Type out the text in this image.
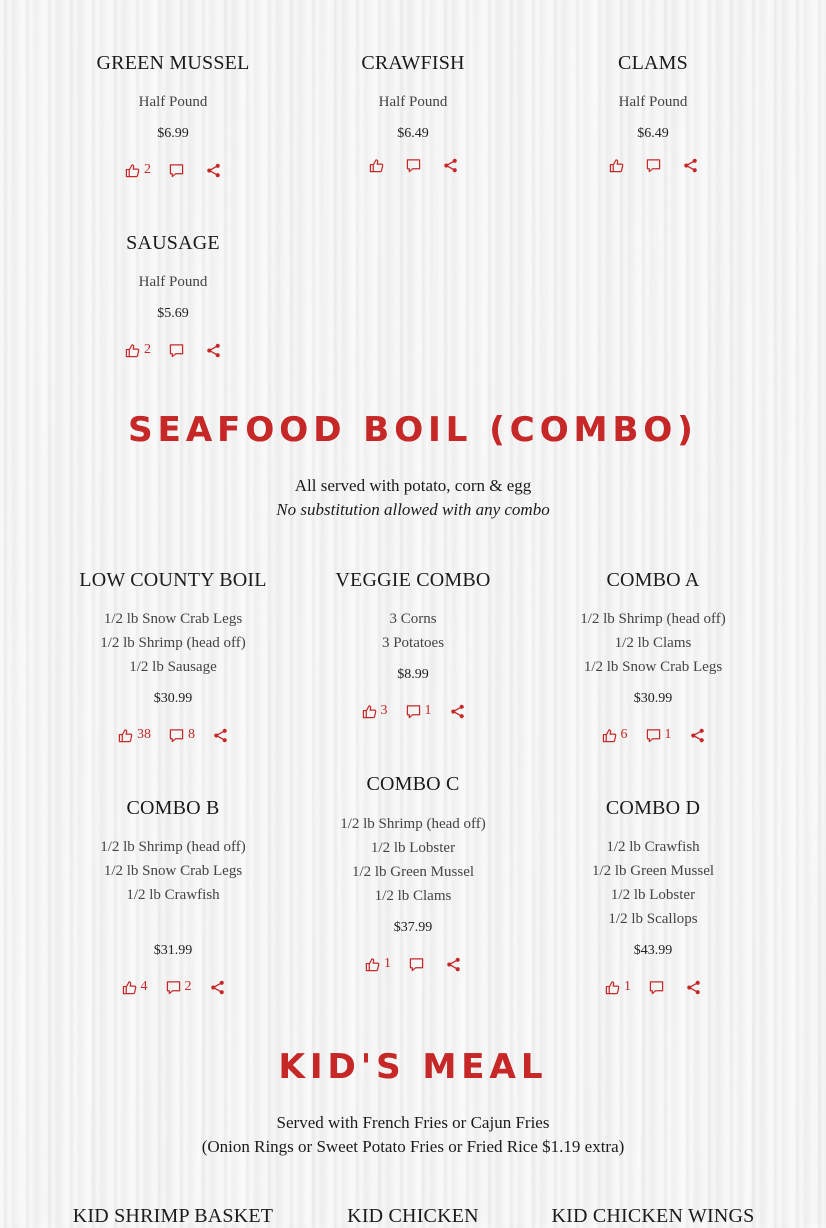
GREEN MUSSEL
Half Pound
$6.99
2
CRAWFISH
Half Pound
$6.49
CLAMS
Half Pound
$6.49
SAUSAGE
Half Pound
$5.69
2
SEAFOOD BOIL (COMBO)
All served with potato, corn & egg
No substitution allowed with any combo
LOW COUNTY BOIL
1/2 lb Snow Crab Legs
1/2 lb Shrimp (head off)
1/2 lb Sausage
$30.99
38	8
VEGGIE COMBO
3 Corns
3 Potatoes
$8.99
3	1
COMBO A
1/2 lb Shrimp (head off)
1/2 lb Clams
1/2 lb Snow Crab Legs
$30.99
6	1
COMBO B
1/2 lb Shrimp (head off)
1/2 lb Snow Crab Legs
1/2 lb Crawfish
$31.99
4	2
COMBO C
1/2 lb Shrimp (head off)
1/2 lb Lobster
1/2 lb Green Mussel
1/2 lb Clams
$37.99
1
COMBO D
1/2 lb Crawfish
1/2 lb Green Mussel
1/2 lb Lobster
1/2 lb Scallops
$43.99
1
KID'S MEAL
Served with French Fries or Cajun Fries
(Onion Rings or Sweet Potato Fries or Fried Rice $1.19 extra)
KID SHRIMP BASKET	KID CHICKEN	KID CHICKEN WINGS
